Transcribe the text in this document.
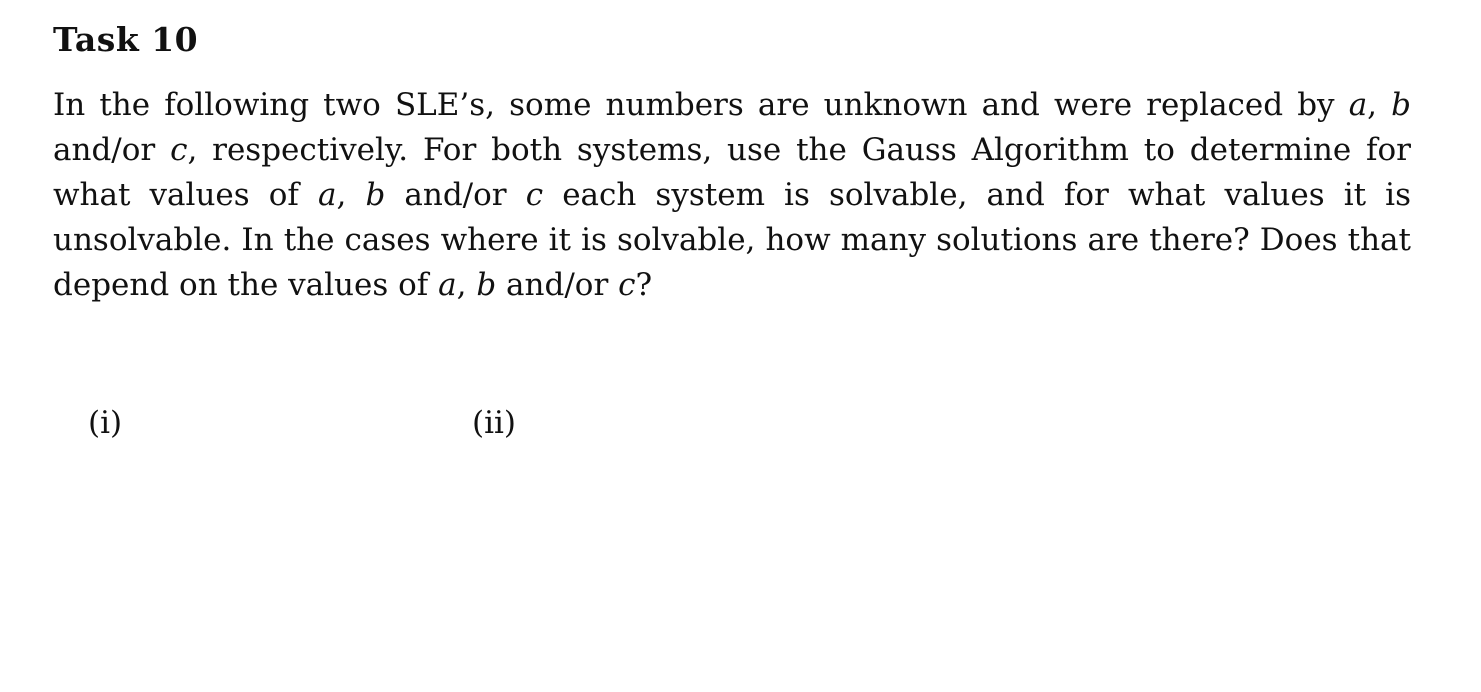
Task 10

In the following two SLE’s, some numbers are unknown and were replaced by a, b and/or c, respectively. For both systems, use the Gauss Algorithm to determine for what values of a, b and/or c each system is solvable, and for what values it is unsolvable. In the cases where it is solvable, how many solutions are there? Does that depend on the values of a, b and/or c?

(i)	(ii)
